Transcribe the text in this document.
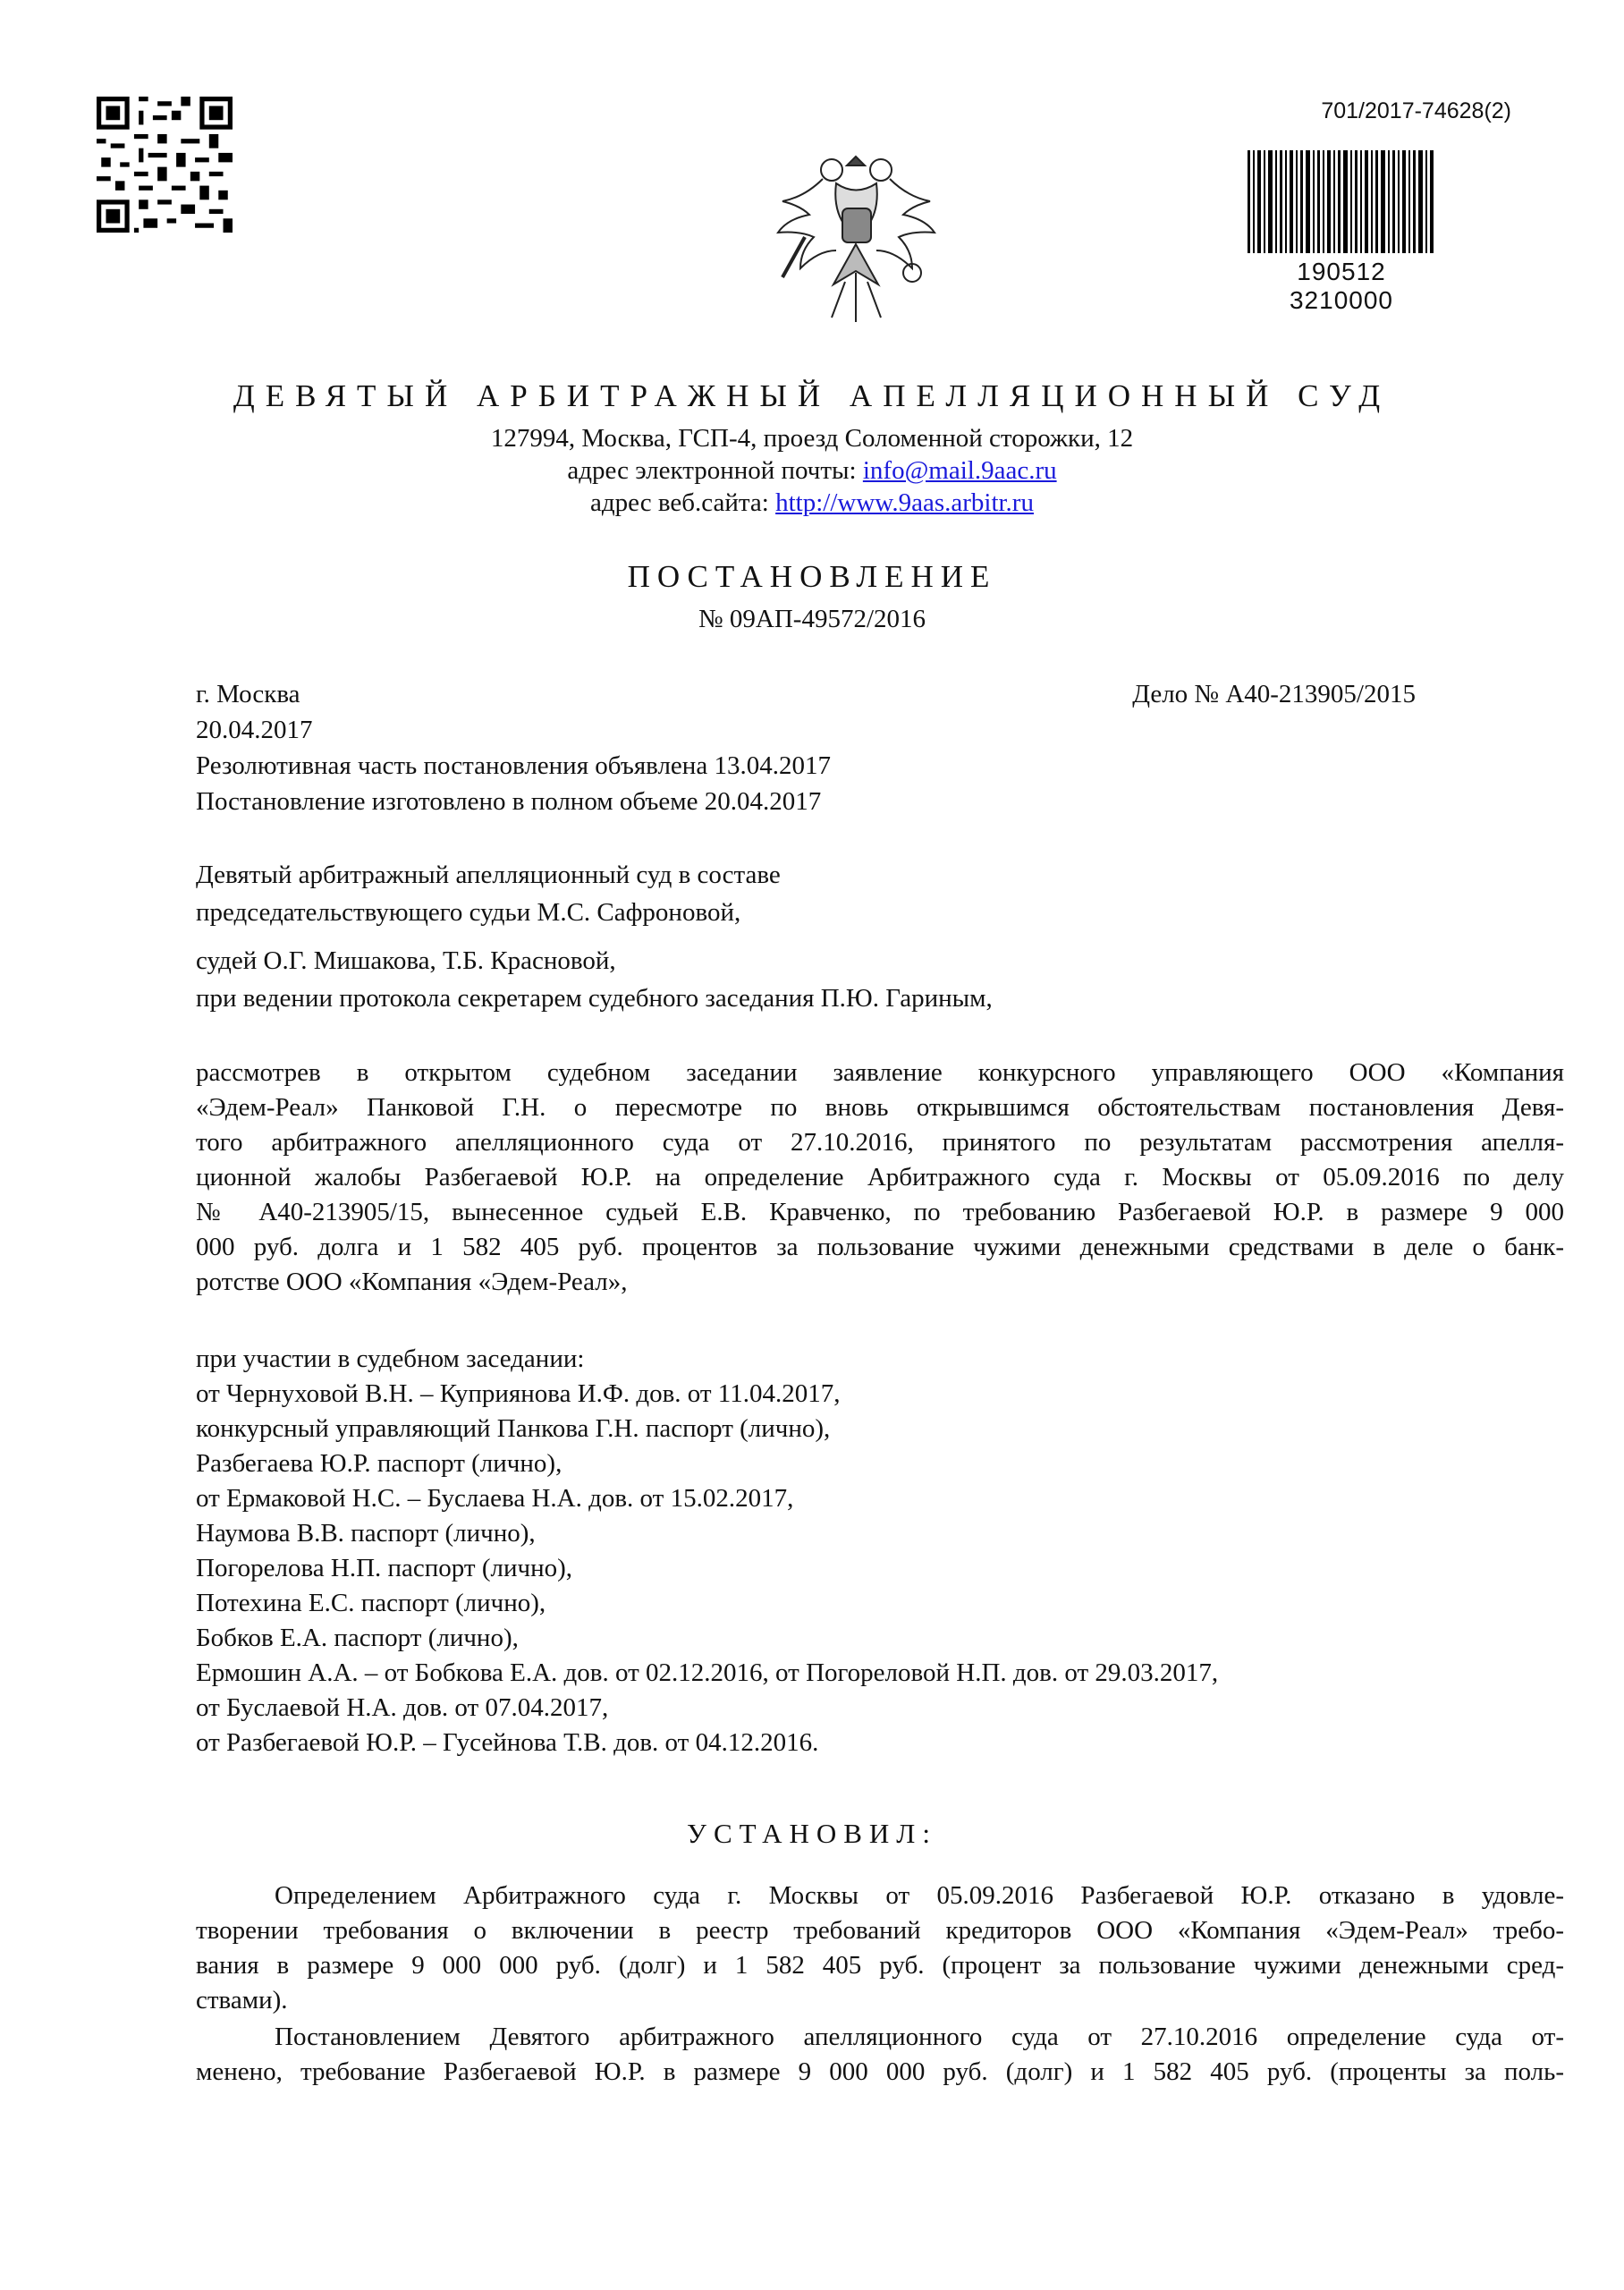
701/2017-74628(2)
190512 3210000
ДЕВЯТЫЙ АРБИТРАЖНЫЙ АПЕЛЛЯЦИОННЫЙ СУД
127994, Москва, ГСП-4, проезд Соломенной сторожки, 12
адрес электронной почты: info@mail.9aac.ru
адрес веб.сайта: http://www.9aas.arbitr.ru
ПОСТАНОВЛЕНИЕ
№ 09АП-49572/2016
г. Москва	Дело № А40-213905/2015
20.04.2017
Резолютивная часть постановления объявлена 13.04.2017
Постановление изготовлено в полном объеме 20.04.2017
Девятый арбитражный апелляционный суд в составе
председательствующего судьи М.С. Сафроновой,
судей О.Г. Мишакова, Т.Б. Красновой,
при ведении протокола секретарем судебного заседания П.Ю. Гариным,
рассмотрев в открытом судебном заседании заявление конкурсного управляющего ООО «Компания
«Эдем-Реал» Панковой Г.Н. о пересмотре по вновь открывшимся обстоятельствам постановления Девя-
того арбитражного апелляционного суда от 27.10.2016, принятого по результатам рассмотрения апелля-
ционной жалобы Разбегаевой Ю.Р. на определение Арбитражного суда г. Москвы от 05.09.2016 по делу
№ А40-213905/15, вынесенное судьей Е.В. Кравченко, по требованию Разбегаевой Ю.Р. в размере 9 000
000 руб. долга и 1 582 405 руб. процентов за пользование чужими денежными средствами в деле о банк-
ротстве ООО «Компания «Эдем-Реал»,
при участии в судебном заседании:
от Чернуховой В.Н. – Куприянова И.Ф. дов. от 11.04.2017,
конкурсный управляющий Панкова Г.Н. паспорт (лично),
Разбегаева Ю.Р. паспорт (лично),
от Ермаковой Н.С. – Буслаева Н.А. дов. от 15.02.2017,
Наумова В.В. паспорт (лично),
Погорелова Н.П. паспорт (лично),
Потехина Е.С. паспорт (лично),
Бобков Е.А. паспорт (лично),
Ермошин А.А. – от Бобкова Е.А. дов. от 02.12.2016, от Погореловой Н.П. дов. от 29.03.2017,
от Буслаевой Н.А. дов. от 07.04.2017,
от Разбегаевой Ю.Р. – Гусейнова Т.В. дов. от 04.12.2016.
УСТАНОВИЛ:
Определением Арбитражного суда г. Москвы от 05.09.2016 Разбегаевой Ю.Р. отказано в удовле-
творении требования о включении в реестр требований кредиторов ООО «Компания «Эдем-Реал» требо-
вания в размере 9 000 000 руб. (долг) и 1 582 405 руб. (процент за пользование чужими денежными сред-
ствами).
Постановлением Девятого арбитражного апелляционного суда от 27.10.2016 определение суда от-
менено, требование Разбегаевой Ю.Р. в размере 9 000 000 руб. (долг) и 1 582 405 руб. (проценты за поль-
